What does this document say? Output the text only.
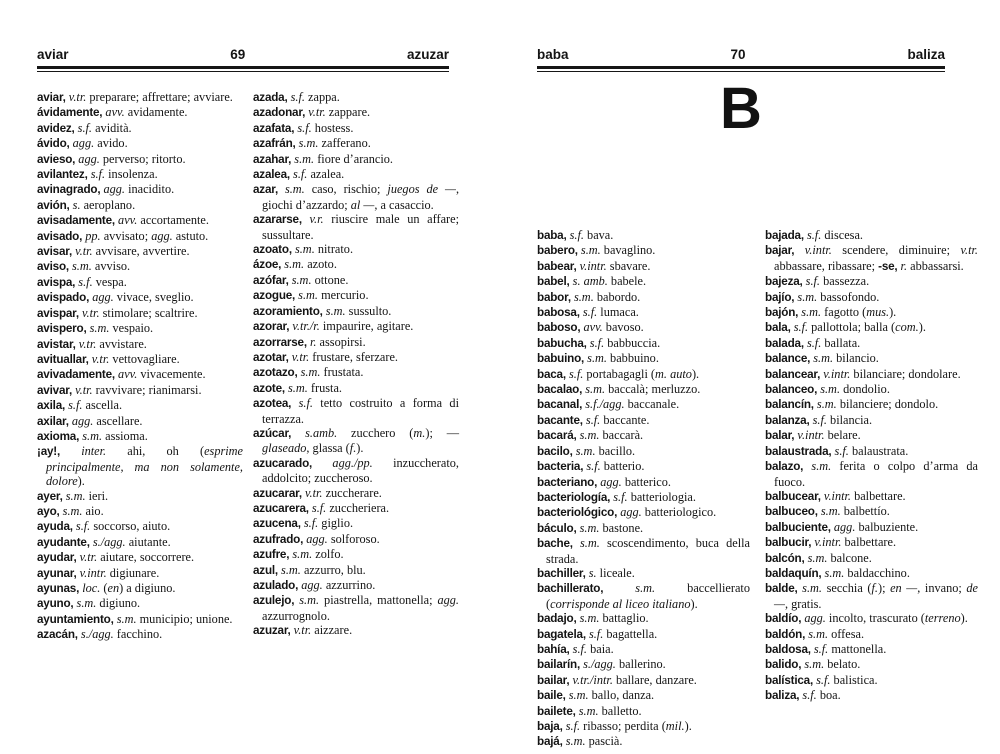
aviar	69	azuzar

aviar, v.tr. preparare; affrettare; avviare.

ávidamente, avv. avidamente.

avidez, s.f. avidità.

ávido, agg. avido.

avieso, agg. perverso; ritorto.

avilantez, s.f. insolenza.

avinagrado, agg. inacidito.

avión, s. aeroplano.

avisadamente, avv. accortamente.

avisado, pp. avvisato; agg. astuto.

avisar, v.tr. avvisare, avvertire.

aviso, s.m. avviso.

avispa, s.f. vespa.

avispado, agg. vivace, sveglio.

avispar, v.tr. stimolare; scaltrire.

avispero, s.m. vespaio.

avistar, v.tr. avvistare.

avituallar, v.tr. vettovagliare.

avivadamente, avv. vivacemente.

avivar, v.tr. ravvivare; rianimarsi.

axila, s.f. ascella.

axilar, agg. ascellare.

axioma, s.m. assioma.

¡ay!, inter. ahi, oh (esprime principalmente, ma non solamente, dolore).

ayer, s.m. ieri.

ayo, s.m. aio.

ayuda, s.f. soccorso, aiuto.

ayudante, s./agg. aiutante.

ayudar, v.tr. aiutare, soccorrere.

ayunar, v.intr. digiunare.

ayunas, loc. (en) a digiuno.

ayuno, s.m. digiuno.

ayuntamiento, s.m. municipio; unione.

azacán, s./agg. facchino.

azada, s.f. zappa.

azadonar, v.tr. zappare.

azafata, s.f. hostess.

azafrán, s.m. zafferano.

azahar, s.m. fiore d’arancio.

azalea, s.f. azalea.

azar, s.m. caso, rischio; juegos de —, giochi d’azzardo; al —, a casaccio.

azararse, v.r. riuscire male un affare; sussultare.

azoato, s.m. nitrato.

ázoe, s.m. azoto.

azófar, s.m. ottone.

azogue, s.m. mercurio.

azoramiento, s.m. sussulto.

azorar, v.tr./r. impaurire, agitare.

azorrarse, r. assopirsi.

azotar, v.tr. frustare, sferzare.

azotazo, s.m. frustata.

azote, s.m. frusta.

azotea, s.f. tetto costruito a forma di terrazza.

azúcar, s.amb. zucchero (m.); — glaseado, glassa (f.).

azucarado, agg./pp. inzuccherato, addolcito; zuccheroso.

azucarar, v.tr. zuccherare.

azucarera, s.f. zuccheriera.

azucena, s.f. giglio.

azufrado, agg. solforoso.

azufre, s.m. zolfo.

azul, s.m. azzurro, blu.

azulado, agg. azzurrino.

azulejo, s.m. piastrella, mattonella; agg. azzurrognolo.

azuzar, v.tr. aizzare.

baba	70	baliza
B

baba, s.f. bava.

babero, s.m. bavaglino.

babear, v.intr. sbavare.

babel, s. amb. babele.

babor, s.m. babordo.

babosa, s.f. lumaca.

baboso, avv. bavoso.

babucha, s.f. babbuccia.

babuino, s.m. babbuino.

baca, s.f. portabagagli (m. auto).

bacalao, s.m. baccalà; merluzzo.

bacanal, s.f./agg. baccanale.

bacante, s.f. baccante.

bacará, s.m. baccarà.

bacilo, s.m. bacillo.

bacteria, s.f. batterio.

bacteriano, agg. batterico.

bacteriología, s.f. batteriologia.

bacteriológico, agg. batteriologico.

báculo, s.m. bastone.

bache, s.m. scoscendimento, buca della strada.

bachiller, s. liceale.

bachillerato, s.m. baccellierato (corrisponde al liceo italiano).

badajo, s.m. battaglio.

bagatela, s.f. bagattella.

bahía, s.f. baia.

bailarín, s./agg. ballerino.

bailar, v.tr./intr. ballare, danzare.

baile, s.m. ballo, danza.

bailete, s.m. balletto.

baja, s.f. ribasso; perdita (mil.).

bajá, s.m. pascià.

bajada, s.f. discesa.

bajar, v.intr. scendere, diminuire; v.tr. abbassare, ribassare; -se, r. abbassarsi.

bajeza, s.f. bassezza.

bajío, s.m. bassofondo.

bajón, s.m. fagotto (mus.).

bala, s.f. pallottola; balla (com.).

balada, s.f. ballata.

balance, s.m. bilancio.

balancear, v.intr. bilanciare; dondolare.

balanceo, s.m. dondolio.

balancín, s.m. bilanciere; dondolo.

balanza, s.f. bilancia.

balar, v.intr. belare.

balaustrada, s.f. balaustrata.

balazo, s.m. ferita o colpo d’arma da fuoco.

balbucear, v.intr. balbettare.

balbuceo, s.m. balbettío.

balbuciente, agg. balbuziente.

balbucir, v.intr. balbettare.

balcón, s.m. balcone.

baldaquín, s.m. baldacchino.

balde, s.m. secchia (f.); en —, invano; de —, gratis.

baldío, agg. incolto, trascurato (terreno).

baldón, s.m. offesa.

baldosa, s.f. mattonella.

balido, s.m. belato.

balística, s.f. balistica.

baliza, s.f. boa.
